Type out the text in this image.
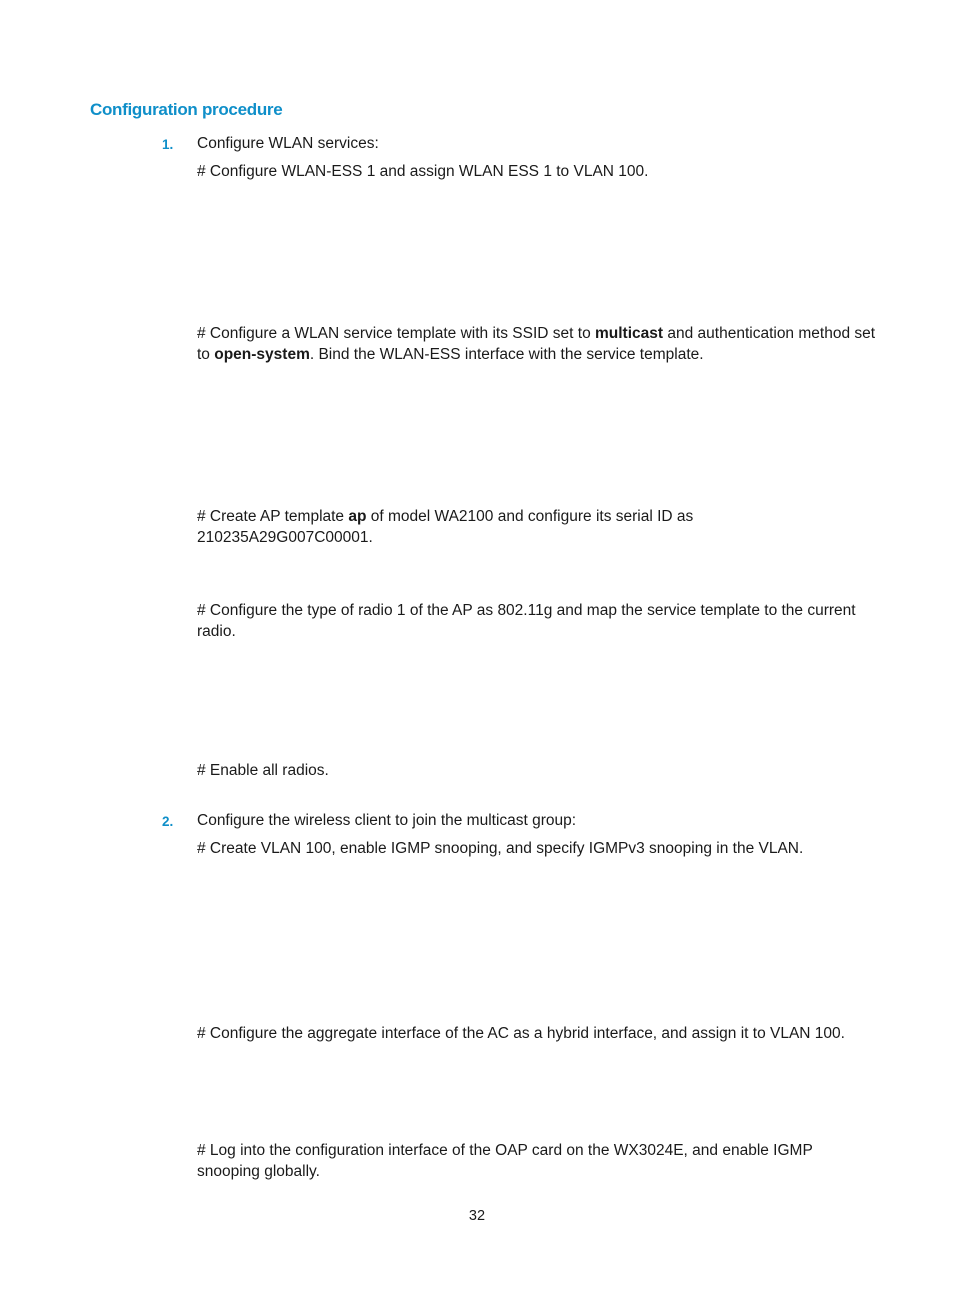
Configuration procedure
1. Configure WLAN services:
# Configure WLAN-ESS 1 and assign WLAN ESS 1 to VLAN 100.
# Configure a WLAN service template with its SSID set to multicast and authentication method set
to open-system. Bind the WLAN-ESS interface with the service template.
# Create AP template ap of model WA2100 and configure its serial ID as
210235A29G007C00001.
# Configure the type of radio 1 of the AP as 802.11g and map the service template to the current
radio.
# Enable all radios.
2. Configure the wireless client to join the multicast group:
# Create VLAN 100, enable IGMP snooping, and specify IGMPv3 snooping in the VLAN.
# Configure the aggregate interface of the AC as a hybrid interface, and assign it to VLAN 100.
# Log into the configuration interface of the OAP card on the WX3024E, and enable IGMP
snooping globally.
32
